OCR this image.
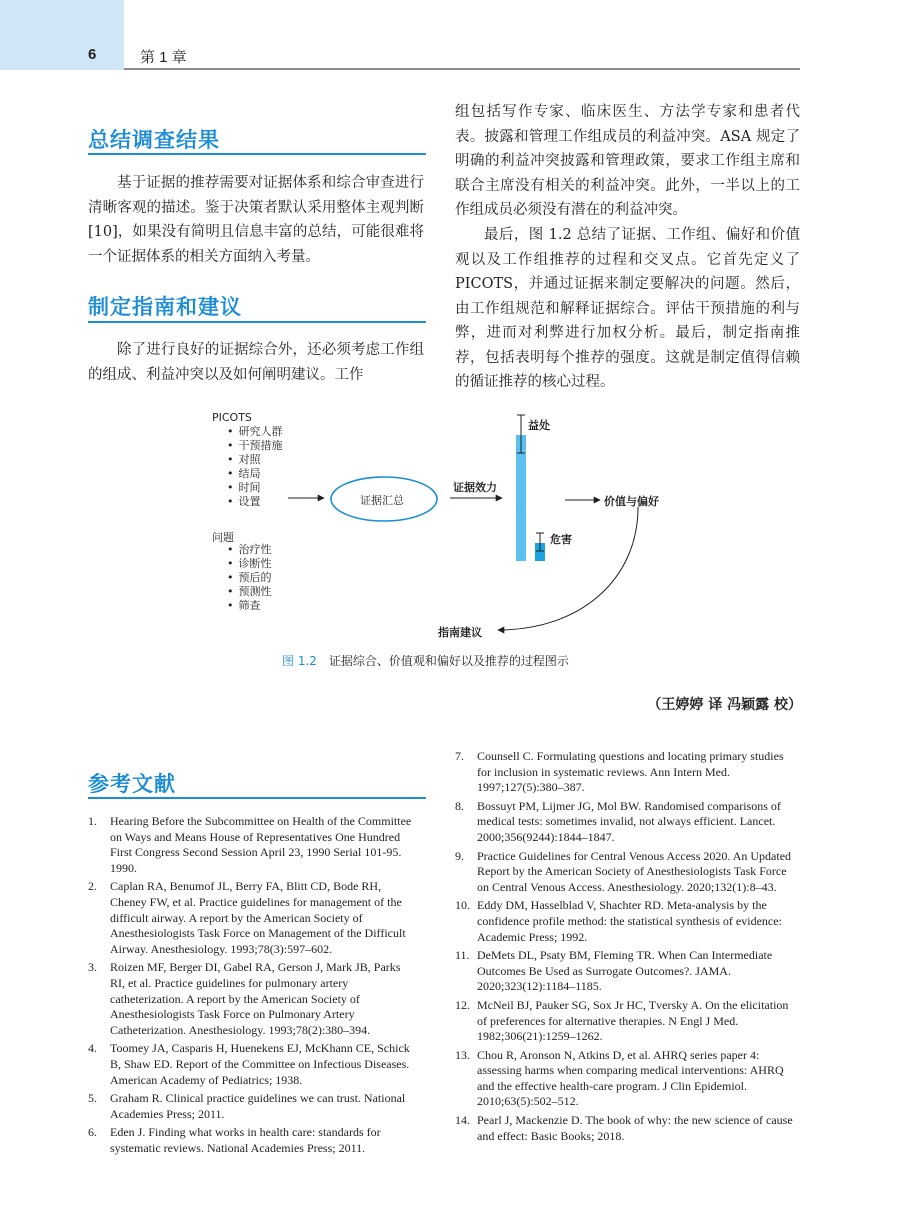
6	第 1 章
总结调查结果

基于证据的推荐需要对证据体系和综合审查进行清晰客观的描述。鉴于决策者默认采用整体主观判断[10]，如果没有简明且信息丰富的总结，可能很难将一个证据体系的相关方面纳入考量。

制定指南和建议

除了进行良好的证据综合外，还必须考虑工作组的组成、利益冲突以及如何阐明建议。工作

组包括写作专家、临床医生、方法学专家和患者代表。披露和管理工作组成员的利益冲突。ASA 规定了明确的利益冲突披露和管理政策，要求工作组主席和联合主席没有相关的利益冲突。此外，一半以上的工作组成员必须没有潜在的利益冲突。

最后，图 1.2 总结了证据、工作组、偏好和价值观以及工作组推荐的过程和交叉点。它首先定义了 PICOTS，并通过证据来制定要解决的问题。然后，由工作组规范和解释证据综合。评估干预措施的利与弊，进而对利弊进行加权分析。最后，制定指南推荐，包括表明每个推荐的强度。这就是制定值得信赖的循证推荐的核心过程。

PICOTS
• 研究人群
• 干预措施
• 对照
• 结局
• 时间
• 设置
问题
• 治疗性
• 诊断性
• 预后的
• 预测性
• 筛查
证据汇总
证据效力
益处
危害
价值与偏好
指南建议
图 1.2 证据综合、价值观和偏好以及推荐的过程图示
（王婷婷 译 冯颖露 校）
参考文献
1. Hearing Before the Subcommittee on Health of the Committee on Ways and Means House of Representatives One Hundred First Congress Second Session April 23, 1990 Serial 101-95. 1990.
2. Caplan RA, Benumof JL, Berry FA, Blitt CD, Bode RH, Cheney FW, et al. Practice guidelines for management of the difficult airway. A report by the American Society of Anesthesiologists Task Force on Management of the Difficult Airway. Anesthesiology. 1993;78(3):597–602.
3. Roizen MF, Berger DI, Gabel RA, Gerson J, Mark JB, Parks RI, et al. Practice guidelines for pulmonary artery catheterization. A report by the American Society of Anesthesiologists Task Force on Pulmonary Artery Catheterization. Anesthesiology. 1993;78(2):380–394.
4. Toomey JA, Casparis H, Huenekens EJ, McKhann CE, Schick B, Shaw ED. Report of the Committee on Infectious Diseases. American Academy of Pediatrics; 1938.
5. Graham R. Clinical practice guidelines we can trust. National Academies Press; 2011.
6. Eden J. Finding what works in health care: standards for systematic reviews. National Academies Press; 2011.
7. Counsell C. Formulating questions and locating primary studies for inclusion in systematic reviews. Ann Intern Med. 1997;127(5):380–387.
8. Bossuyt PM, Lijmer JG, Mol BW. Randomised comparisons of medical tests: sometimes invalid, not always efficient. Lancet. 2000;356(9244):1844–1847.
9. Practice Guidelines for Central Venous Access 2020. An Updated Report by the American Society of Anesthesiologists Task Force on Central Venous Access. Anesthesiology. 2020;132(1):8–43.
10. Eddy DM, Hasselblad V, Shachter RD. Meta-analysis by the confidence profile method: the statistical synthesis of evidence: Academic Press; 1992.
11. DeMets DL, Psaty BM, Fleming TR. When Can Intermediate Outcomes Be Used as Surrogate Outcomes?. JAMA. 2020;323(12):1184–1185.
12. McNeil BJ, Pauker SG, Sox Jr HC, Tversky A. On the elicitation of preferences for alternative therapies. N Engl J Med. 1982;306(21):1259–1262.
13. Chou R, Aronson N, Atkins D, et al. AHRQ series paper 4: assessing harms when comparing medical interventions: AHRQ and the effective health-care program. J Clin Epidemiol. 2010;63(5):502–512.
14. Pearl J, Mackenzie D. The book of why: the new science of cause and effect: Basic Books; 2018.
